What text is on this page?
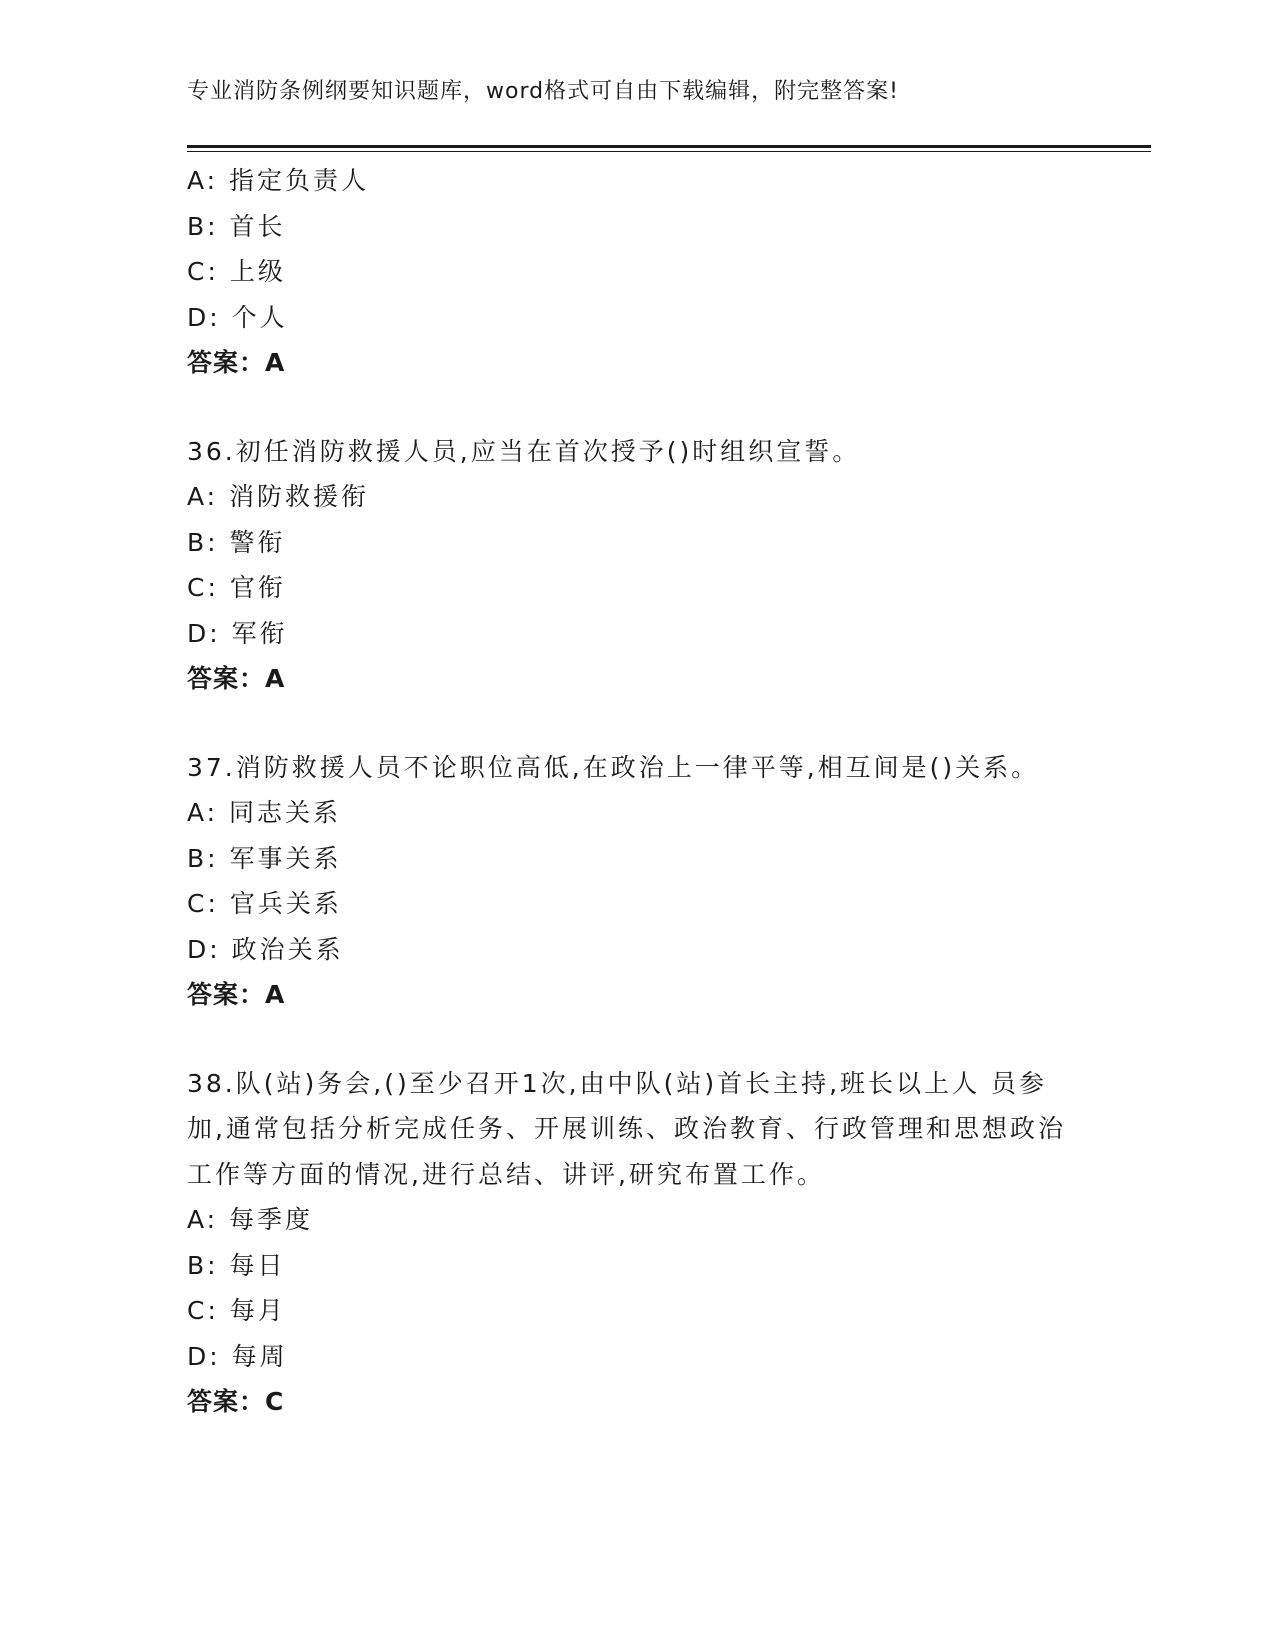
专业消防条例纲要知识题库，word格式可自由下载编辑，附完整答案!
A: 指定负责人
B: 首长
C: 上级
D: 个人
答案：A
36.初任消防救援人员,应当在首次授予()时组织宣誓。
A: 消防救援衔
B: 警衔
C: 官衔
D: 军衔
答案：A
37.消防救援人员不论职位高低,在政治上一律平等,相互间是()关系。
A: 同志关系
B: 军事关系
C: 官兵关系
D: 政治关系
答案：A
38.队(站)务会,()至少召开1次,由中队(站)首长主持,班长以上人 员参加,通常包括分析完成任务、开展训练、政治教育、行政管理和思想政治工作等方面的情况,进行总结、讲评,研究布置工作。
A: 每季度
B: 每日
C: 每月
D: 每周
答案：C
